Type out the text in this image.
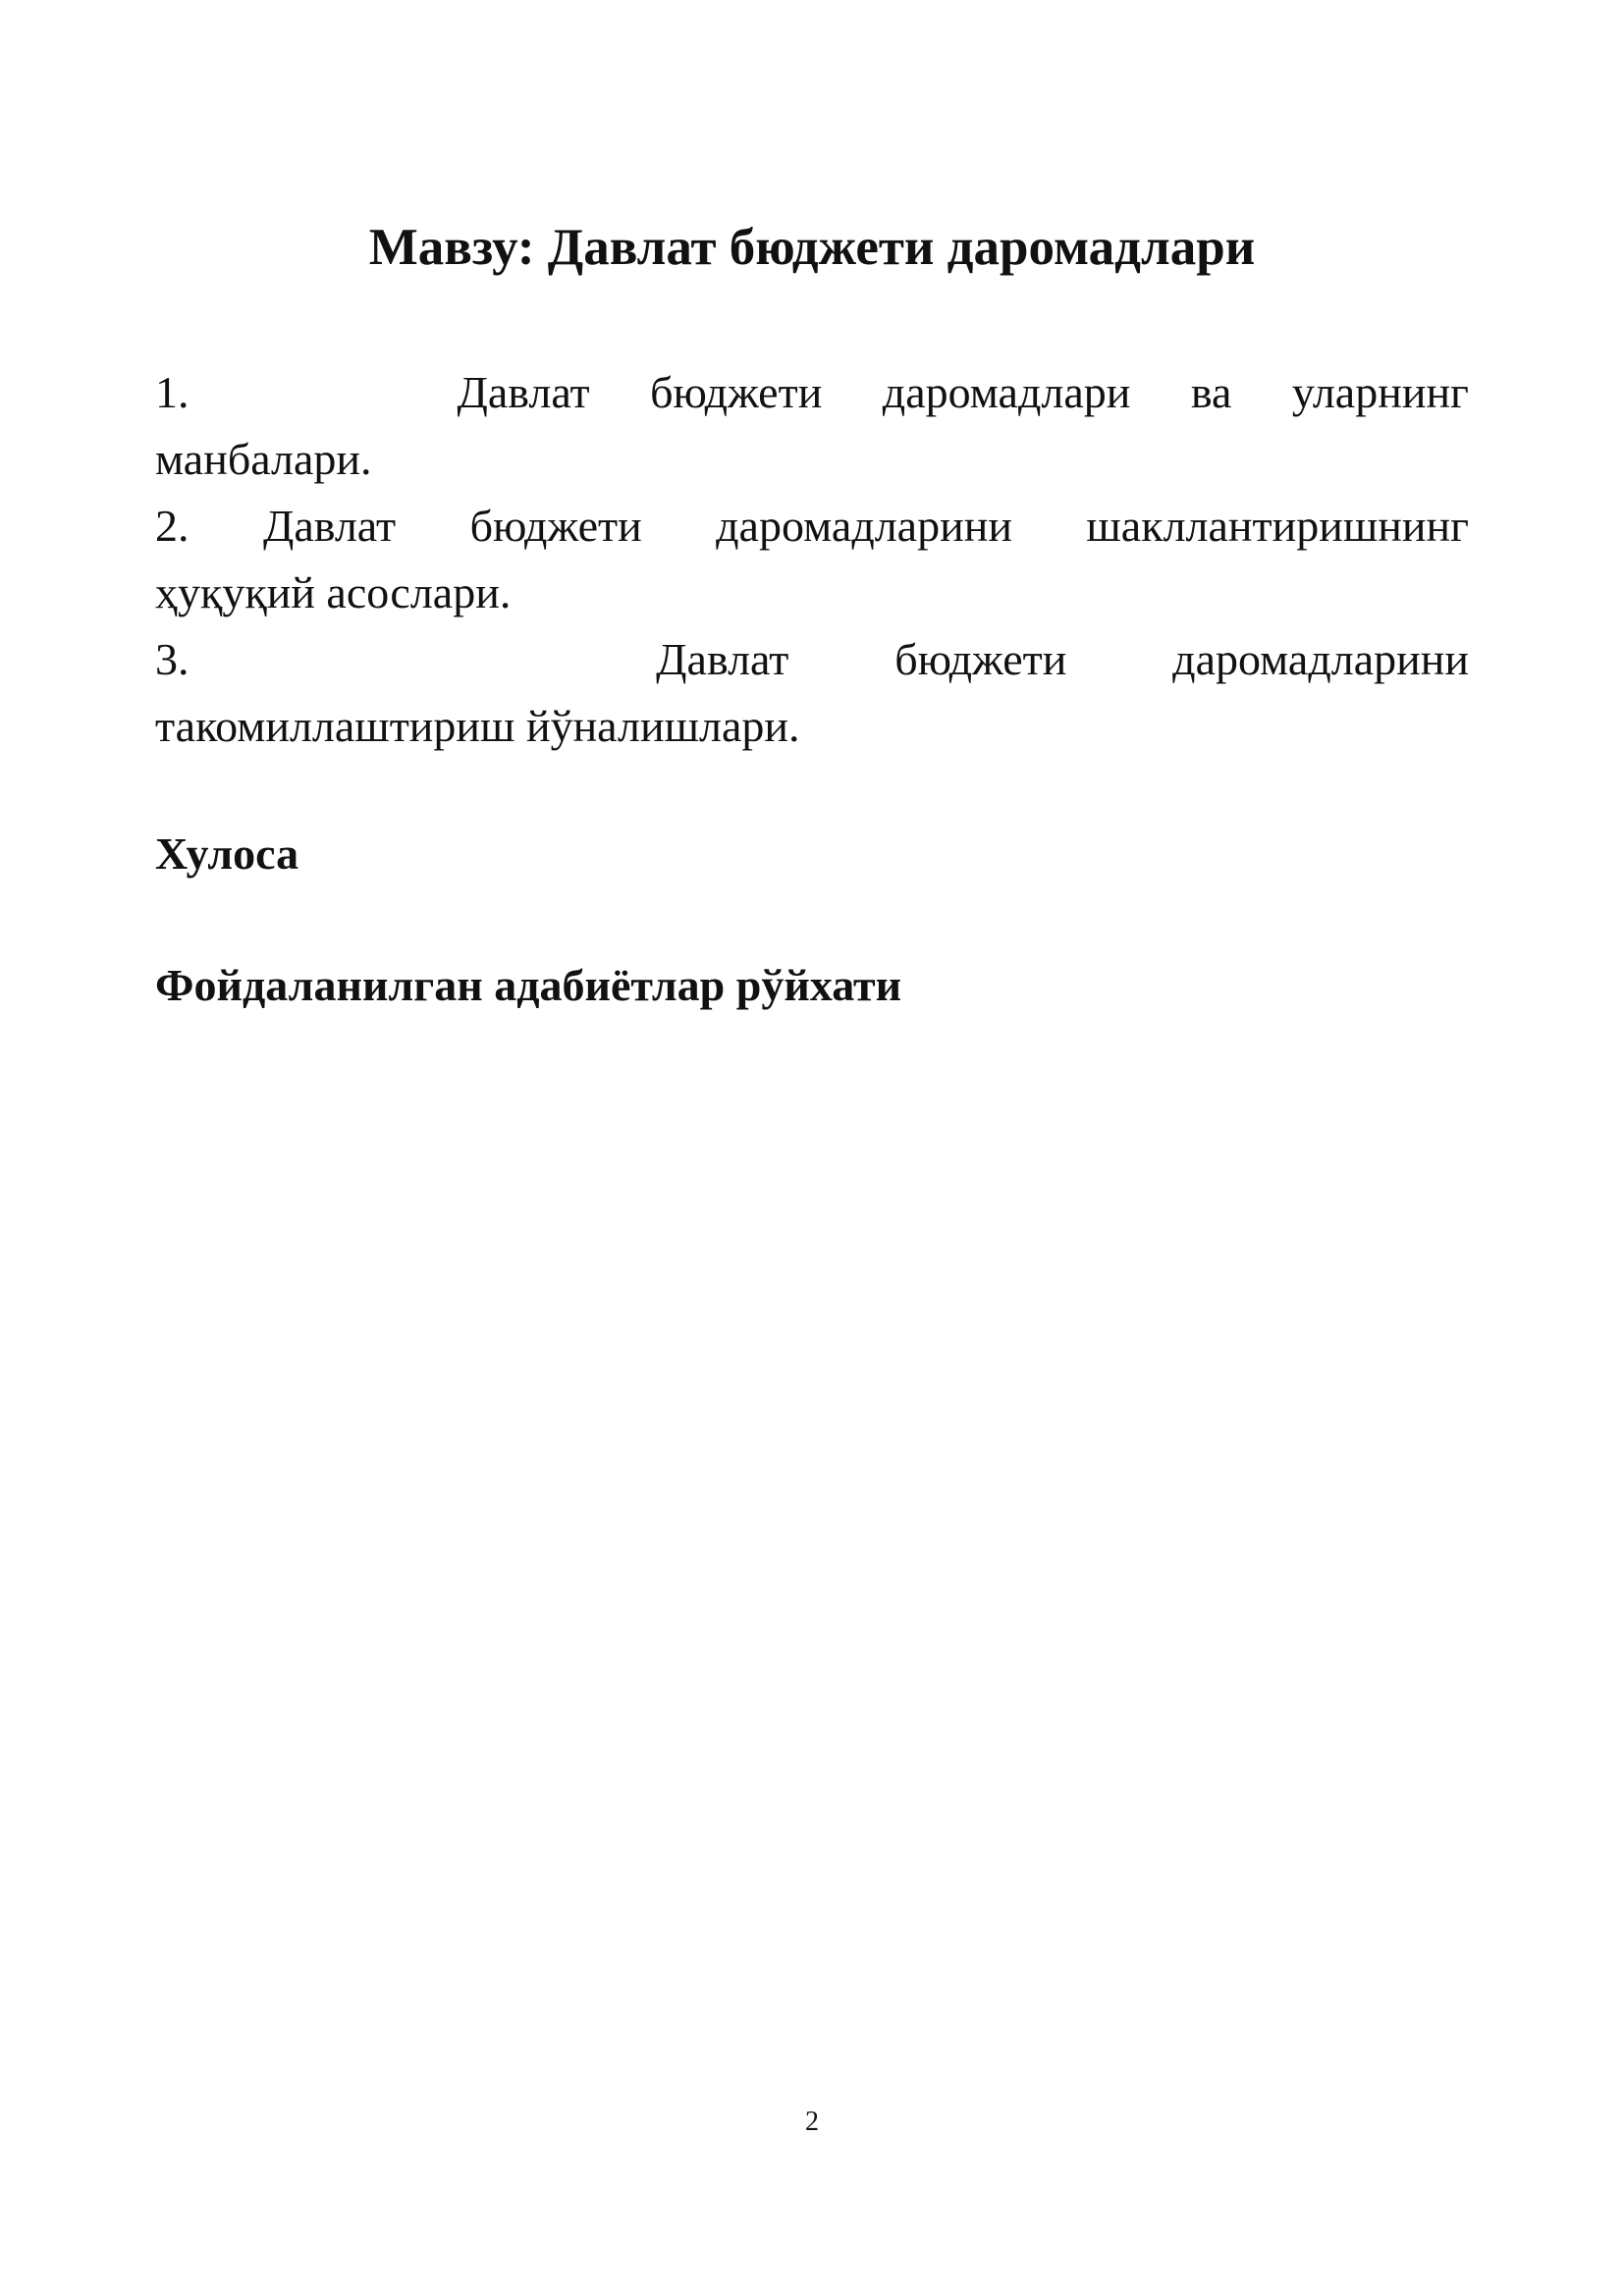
Мавзу: Давлат бюджети даромадлари
1.	Давлат бюджети даромадлари ва уларнинг
манбалари.
2. Давлат бюджети даромадларини шакллантиришнинг
ҳуқуқий асослари.
3.	Давлат бюджети даромадларини
такомиллаштириш йўналишлари.
Хулоса
Фойдаланилган адабиётлар рўйхати
2
